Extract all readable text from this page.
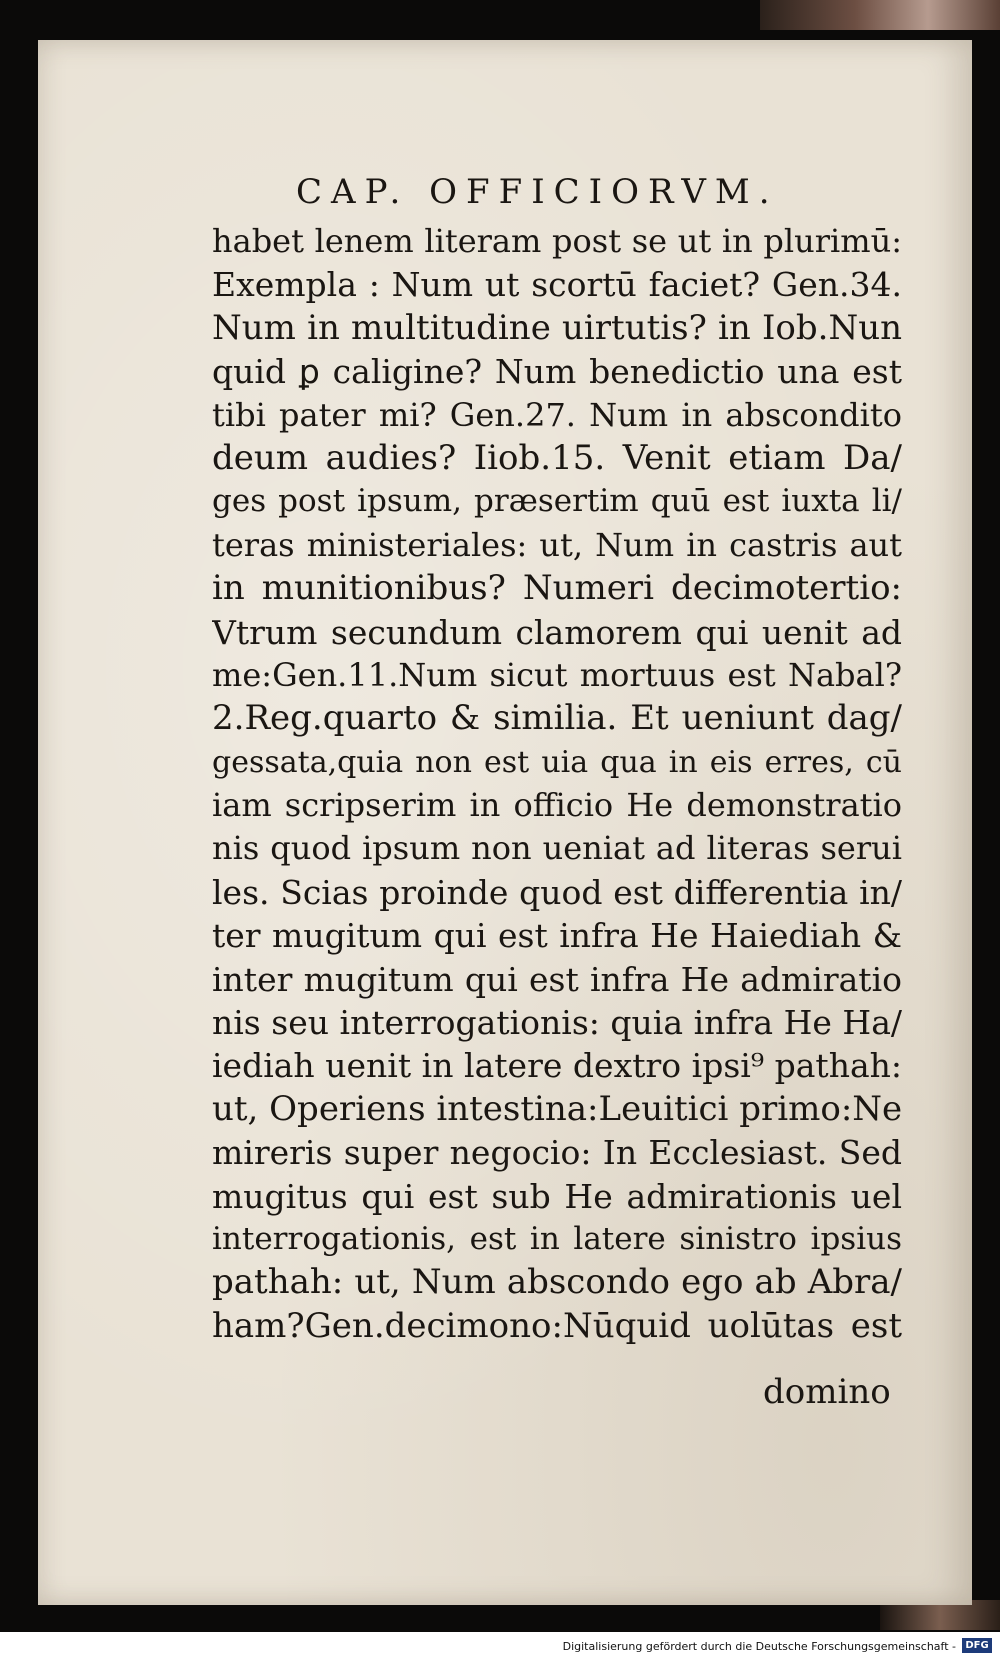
CAP. OFFICIORVM.
habet lenem literam post se ut in plurimū:
Exempla : Num ut scortū faciet? Gen.34.
Num in multitudine uirtutis? in Iob.Nun
quid ꝑ caligine? Num benedictio una est
tibi pater mi? Gen.27. Num in abscondito
deum audies? Iiob.15. Venit etiam Da/
ges post ipsum, præsertim quū est iuxta li/
teras ministeriales: ut, Num in castris aut
in munitionibus? Numeri decimotertio:
Vtrum secundum clamorem qui uenit ad
me:Gen.11.Num sicut mortuus est Nabal?
2.Reg.quarto & similia. Et ueniunt dag/
gessata,quia non est uia qua in eis erres, cū
iam scripserim in officio He demonstratio
nis quod ipsum non ueniat ad literas serui
les. Scias proinde quod est differentia in/
ter mugitum qui est infra He Haiediah &
inter mugitum qui est infra He admiratio
nis seu interrogationis: quia infra He Ha/
iediah uenit in latere dextro ipsi⁹ pathah:
ut, Operiens intestina:Leuitici primo:Ne
mireris super negocio: In Ecclesiast. Sed
mugitus qui est sub He admirationis uel
interrogationis, est in latere sinistro ipsius
pathah: ut, Num abscondo ego ab Abra/
ham?Gen.decimono:Nūquid uolūtas est
domino
Digitalisierung gefördert durch die Deutsche Forschungsgemeinschaft - DFG
